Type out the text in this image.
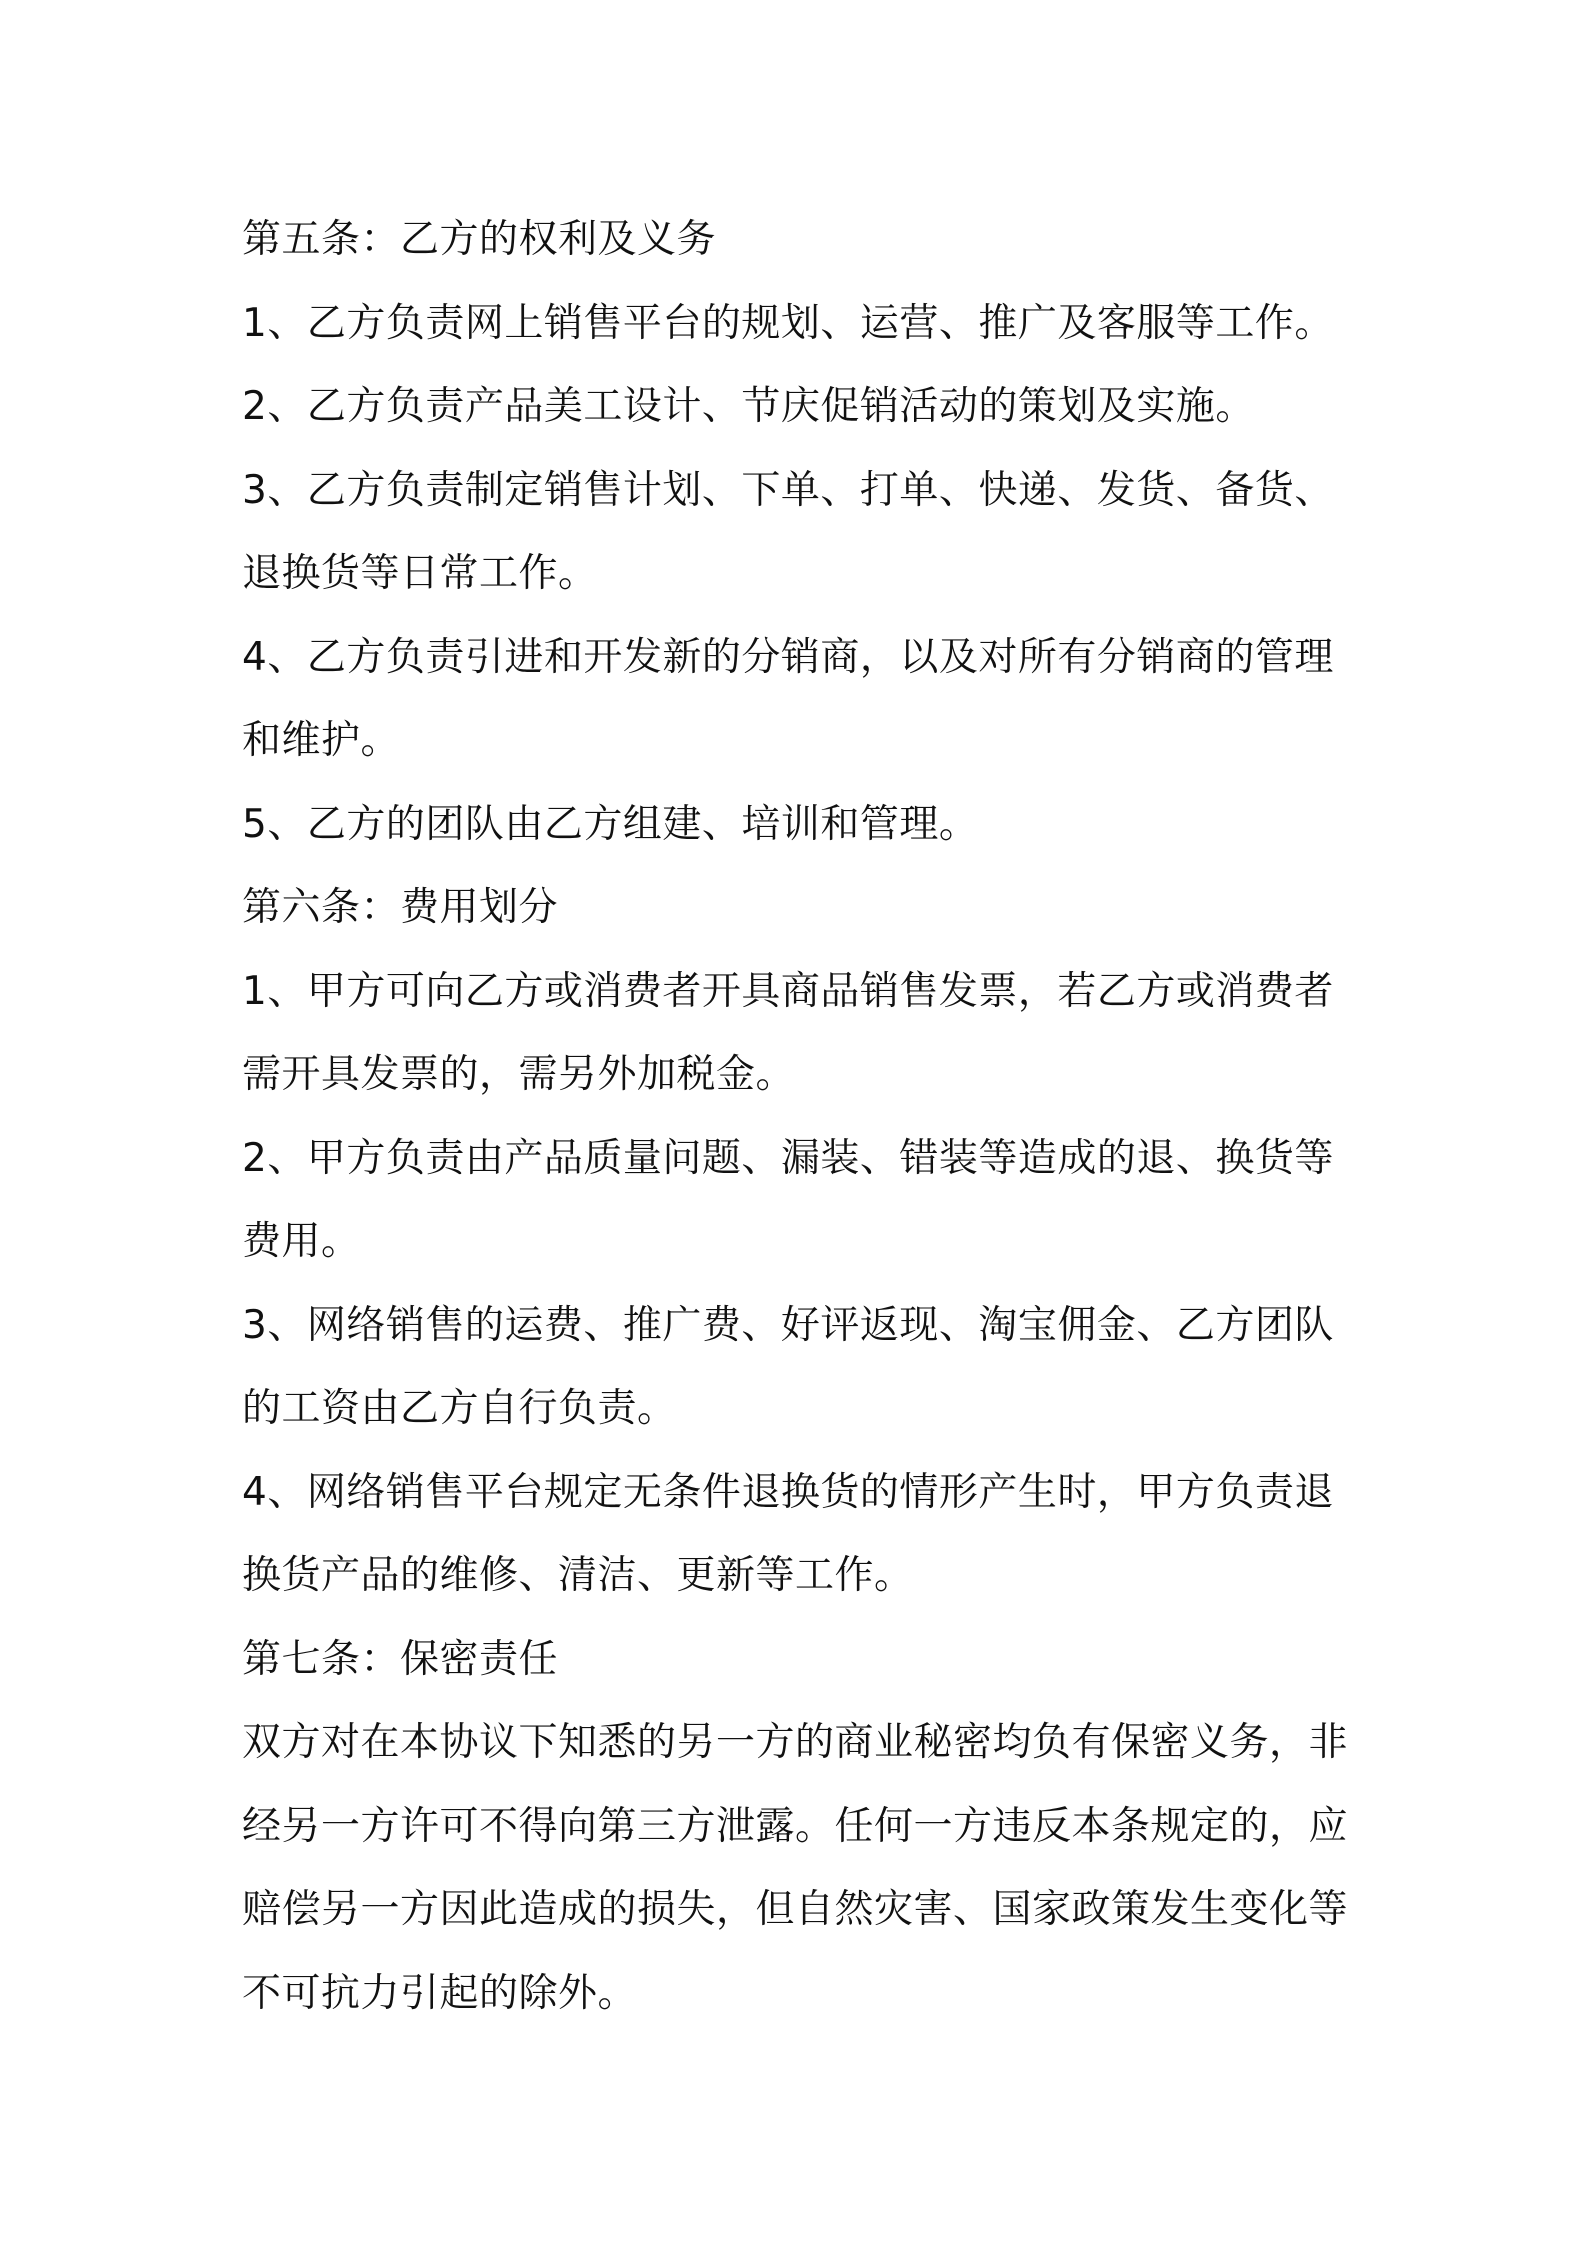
第五条：乙方的权利及义务
1、乙方负责网上销售平台的规划、运营、推广及客服等工作。
2、乙方负责产品美工设计、节庆促销活动的策划及实施。
3、乙方负责制定销售计划、下单、打单、快递、发货、备货、
退换货等日常工作。
4、乙方负责引进和开发新的分销商，以及对所有分销商的管理
和维护。
5、乙方的团队由乙方组建、培训和管理。
第六条：费用划分
1、甲方可向乙方或消费者开具商品销售发票，若乙方或消费者
需开具发票的，需另外加税金。
2、甲方负责由产品质量问题、漏装、错装等造成的退、换货等
费用。
3、网络销售的运费、推广费、好评返现、淘宝佣金、乙方团队
的工资由乙方自行负责。
4、网络销售平台规定无条件退换货的情形产生时，甲方负责退
换货产品的维修、清洁、更新等工作。
第七条：保密责任
双方对在本协议下知悉的另一方的商业秘密均负有保密义务，非
经另一方许可不得向第三方泄露。任何一方违反本条规定的，应
赔偿另一方因此造成的损失，但自然灾害、国家政策发生变化等
不可抗力引起的除外。
